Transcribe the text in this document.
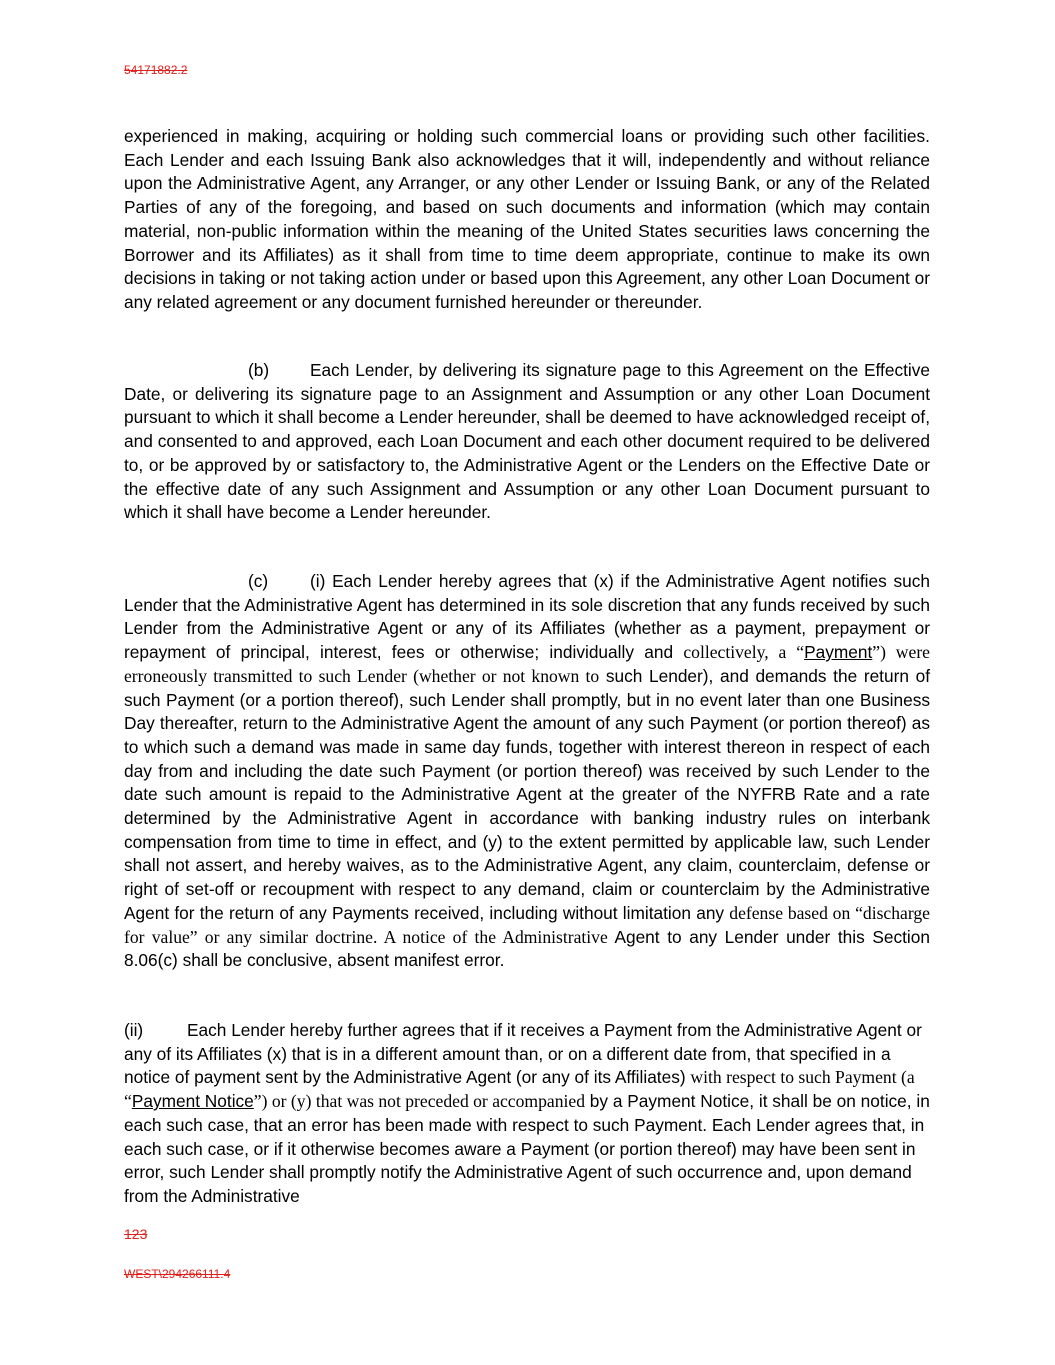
54171882.2

experienced in making, acquiring or holding such commercial loans or providing such other facilities. Each Lender and each Issuing Bank also acknowledges that it will, independently and without reliance upon the Administrative Agent, any Arranger, or any other Lender or Issuing Bank, or any of the Related Parties of any of the foregoing, and based on such documents and information (which may contain material, non-public information within the meaning of the United States securities laws concerning the Borrower and its Affiliates) as it shall from time to time deem appropriate, continue to make its own decisions in taking or not taking action under or based upon this Agreement, any other Loan Document or any related agreement or any document furnished hereunder or thereunder.

(b) Each Lender, by delivering its signature page to this Agreement on the Effective Date, or delivering its signature page to an Assignment and Assumption or any other Loan Document pursuant to which it shall become a Lender hereunder, shall be deemed to have acknowledged receipt of, and consented to and approved, each Loan Document and each other document required to be delivered to, or be approved by or satisfactory to, the Administrative Agent or the Lenders on the Effective Date or the effective date of any such Assignment and Assumption or any other Loan Document pursuant to which it shall have become a Lender hereunder.

(c) (i) Each Lender hereby agrees that (x) if the Administrative Agent notifies such Lender that the Administrative Agent has determined in its sole discretion that any funds received by such Lender from the Administrative Agent or any of its Affiliates (whether as a payment, prepayment or repayment of principal, interest, fees or otherwise; individually and collectively, a “Payment”) were erroneously transmitted to such Lender (whether or not known to such Lender), and demands the return of such Payment (or a portion thereof), such Lender shall promptly, but in no event later than one Business Day thereafter, return to the Administrative Agent the amount of any such Payment (or portion thereof) as to which such a demand was made in same day funds, together with interest thereon in respect of each day from and including the date such Payment (or portion thereof) was received by such Lender to the date such amount is repaid to the Administrative Agent at the greater of the NYFRB Rate and a rate determined by the Administrative Agent in accordance with banking industry rules on interbank compensation from time to time in effect, and (y) to the extent permitted by applicable law, such Lender shall not assert, and hereby waives, as to the Administrative Agent, any claim, counterclaim, defense or right of set-off or recoupment with respect to any demand, claim or counterclaim by the Administrative Agent for the return of any Payments received, including without limitation any defense based on “discharge for value” or any similar doctrine. A notice of the Administrative Agent to any Lender under this Section 8.06(c) shall be conclusive, absent manifest error.

(ii)	Each Lender hereby further agrees that if it receives a Payment from the Administrative Agent or any of its Affiliates (x) that is in a different amount than, or on a different date from, that specified in a notice of payment sent by the Administrative Agent (or any of its Affiliates) with respect to such Payment (a “Payment Notice”) or (y) that was not preceded or accompanied by a Payment Notice, it shall be on notice, in each such case, that an error has been made with respect to such Payment. Each Lender agrees that, in each such case, or if it otherwise becomes aware a Payment (or portion thereof) may have been sent in error, such Lender shall promptly notify the Administrative Agent of such occurrence and, upon demand from the Administrative

123
WEST\294266111.4
